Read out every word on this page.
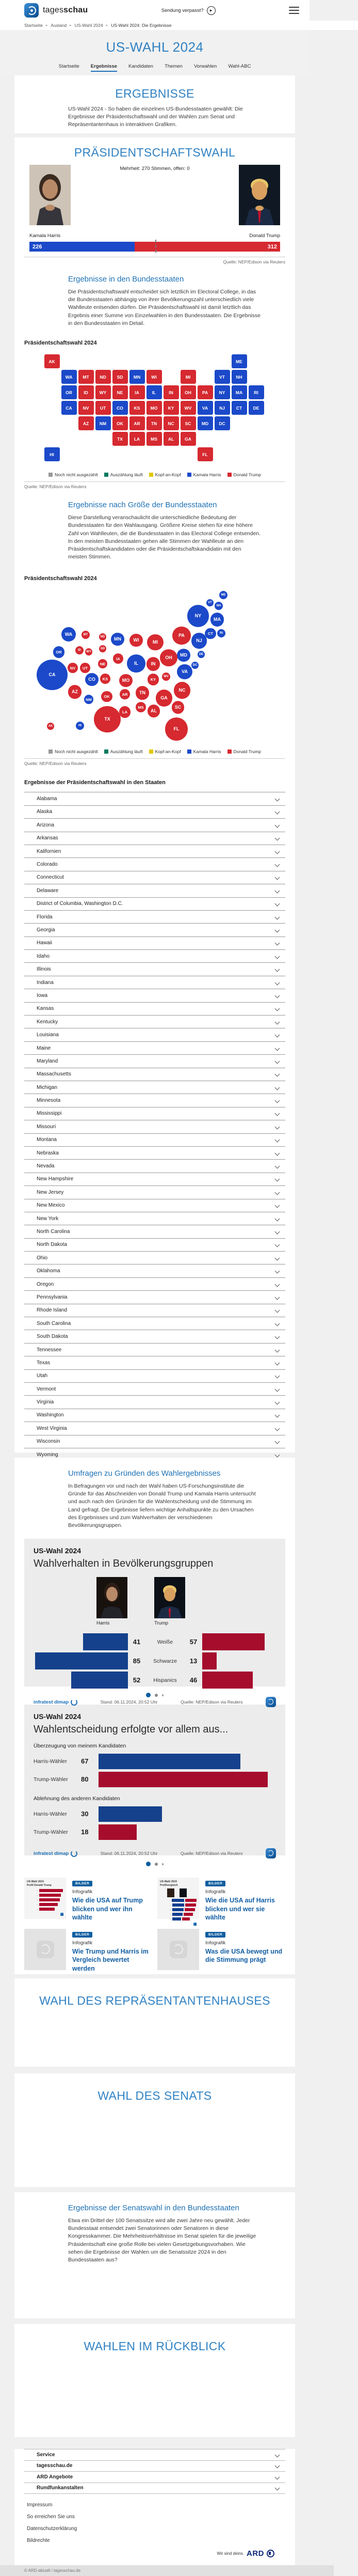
tagesschau	Sendung verpasst?	▶
Startseite ▸ Ausland ▸ US-Wahl 2024 ▸ US-Wahl 2024: Die Ergebnisse
US-WAHL 2024
Startseite Ergebnisse Kandidaten Themen Vorwahlen Wahl-ABC
ERGEBNISSE
US-Wahl 2024 - So haben die einzelnen US-Bundesstaaten gewählt: Die Ergebnisse der Präsidentschaftswahl und der Wahlen zum Senat und Repräsentantenhaus in interaktiven Grafiken.
PRÄSIDENTSCHAFTSWAHL
Mehrheit: 270 Stimmen, offen: 0
Kamala Harris	Donald Trump
226	312
Quelle: NEP/Edison via Reuters
Ergebnisse in den Bundesstaaten
Die Präsidentschaftswahl entscheidet sich letztlich im Electoral College, in das die Bundesstaaten abhängig von ihrer Bevölkerungszahl unterschiedlich viele Wahlleute entsenden dürfen. Die Präsidentschaftswahl ist damit letztlich das Ergebnis einer Summe von Einzelwahlen in den Bundesstaaten. Die Ergebnisse in den Bundesstaaten im Detail.
Präsidentschaftswahl 2024
AL
AK
AZ	AR
CA	CO	CT	DE
DC
FL
GA
HI
ID	IL	IN
IA
KS	KY
LA
ME
MD
MA
MI
MN
MS
MO
MT
NE
NV
NH
NJ
NM
NY
NC
ND
OH
OK
OR	PA	RI
SC
SD
TN
TX
UT
VT
VA
WA
WV
WI
WY
Noch nicht ausgezählt	Auszählung läuft	Kopf-an-Kopf	Kamala Harris	Donald Trump
Quelle: NEP/Edison via Reuters
Ergebnisse nach Größe der Bundesstaaten
Diese Darstellung veranschaulicht die unterschiedliche Bedeutung der Bundesstaaten für den Wahlausgang. Größere Kreise stehen für eine höhere Zahl von Wahlleuten, die die Bundesstaaten in das Electoral College entsenden. In den meisten Bundesstaaten gehen alle Stimmen der Wahlleute an den Präsidentschaftskandidaten oder die Präsidentschaftskandidatin mit den meisten Stimmen.
Präsidentschaftswahl 2024
AL
AK
AZ	AR
CA
CO
CT
DE
DC
FL
GA
HI
ID
IL	IN
IA
KS	KY
LA
ME
MD
MA
MI
MN
MS
MO
MT
NE
NV
NH
NJ
NM
NY
NC
ND
OH
OK
OR
PA	RI
SC
SD
TN
TX
UT
VT
VA
WA
WV
WI
WY
Noch nicht ausgezählt	Auszählung läuft	Kopf-an-Kopf	Kamala Harris	Donald Trump
Quelle: NEP/Edison via Reuters
Ergebnisse der Präsidentschaftswahl in den Staaten
Alabama
Alaska
Arizona
Arkansas
Kalifornien
Colorado
Connecticut
Delaware
District of Columbia, Washington D.C.
Florida
Georgia
Hawaii
Idaho
Illinois
Indiana
Iowa
Kansas
Kentucky
Louisiana
Maine
Maryland
Massachusetts
Michigan
Minnesota
Mississippi
Missouri
Montana
Nebraska
Nevada
New Hampshire
New Jersey
New Mexico
New York
North Carolina
North Dakota
Ohio
Oklahoma
Oregon
Pennsylvania
Rhode Island
South Carolina
South Dakota
Tennessee
Texas
Utah
Vermont
Virginia
Washington
West Virginia
Wisconsin
Wyoming
Umfragen zu Gründen des Wahlergebnisses
In Befragungen vor und nach der Wahl haben US-Forschungsinstitute die Gründe für das Abschneiden von Donald Trump und Kamala Harris untersucht und auch nach den Gründen für die Wahlentscheidung und die Stimmung im Land gefragt. Die Ergebnisse liefern wichtige Anhaltspunkte zu den Ursachen des Ergebnisses und zum Wahlverhalten der verschiedenen Bevölkerungsgruppen.
US-Wahl 2024
Wahlverhalten in Bevölkerungsgruppen
Harris	Trump
41	Weiße	57
85	Schwarze	13
52	Hispanics	46
infratest dimap	Stand: 06.11.2024, 20:52 Uhr	Quelle: NEP/Edison via Reuters
US-Wahl 2024
Wahlentscheidung erfolgte vor allem aus...
Überzeugung von meinem Kandidaten
Harris-Wähler	67
Trump-Wähler	80
Ablehnung des anderen Kandidaten
Harris-Wähler	30
Trump-Wähler	18
infratest dimap	Stand: 06.11.2024, 20:52 Uhr	Quelle: NEP/Edison via Reuters
US-Wahl 2024
Profil Donald Trump
—
—
—
—
—
·
BILDER
Infografik
Wie die USA auf Trump blicken und wer ihn wählte
US-Wahl 2024
Profilvergleich
—
—
—
—
—
·
BILDER
Infografik
Wie die USA auf Harris blicken und wer sie wählte
BILDER
Infografik
Wie Trump und Harris im Vergleich bewertet werden
BILDER
Infografik
Was die USA bewegt und die Stimmung prägt
WAHL DES REPRÄSENTANTENHAUSES
WAHL DES SENATS
Ergebnisse der Senatswahl in den Bundesstaaten
Etwa ein Drittel der 100 Senatssitze wird alle zwei Jahre neu gewählt. Jeder Bundesstaat entsendet zwei Senatorinnen oder Senatoren in diese Kongresskammer. Die Mehrheitsverhältnisse im Senat spielen für die jeweilige Präsidentschaft eine große Rolle bei vielen Gesetzgebungsvorhaben. Wie sehen die Ergebnisse der Wahlen um die Senatssitze 2024 in den Bundesstaaten aus?
WAHLEN IM RÜCKBLICK
Service
tagesschau.de
ARD Angebote
Rundfunkanstalten
Impressum
So erreichen Sie uns
Datenschutzerklärung
Bildrechte
Wir sind deins. ARD
© ARD-aktuell / tagesschau.de
